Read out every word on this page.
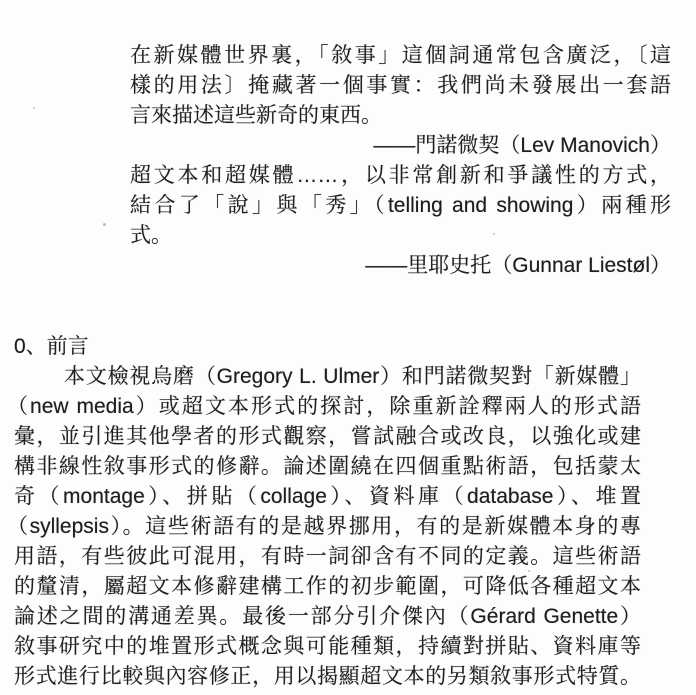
在新媒體世界裏，「敘事」這個詞通常包含廣泛，〔這
樣的用法〕掩藏著一個事實：我們尚未發展出一套語
言來描述這些新奇的東西。
——門諾微契（Lev Manovich）
超文本和超媒體……，以非常創新和爭議性的方式，
結合了「說」與「秀」（telling and showing）兩種形
式。
——里耶史托（Gunnar Liestøl）
0、前言
本文檢視烏磨（Gregory L. Ulmer）和門諾微契對「新媒體」
（new media）或超文本形式的探討，除重新詮釋兩人的形式語
彙，並引進其他學者的形式觀察，嘗試融合或改良，以強化或建
構非線性敘事形式的修辭。論述圍繞在四個重點術語，包括蒙太
奇（montage）、拼貼（collage）、資料庫（database）、堆置
（syllepsis）。這些術語有的是越界挪用，有的是新媒體本身的專
用語，有些彼此可混用，有時一詞卻含有不同的定義。這些術語
的釐清，屬超文本修辭建構工作的初步範圍，可降低各種超文本
論述之間的溝通差異。最後一部分引介傑內（Gérard Genette）
敘事研究中的堆置形式概念與可能種類，持續對拼貼、資料庫等
形式進行比較與內容修正，用以揭顯超文本的另類敘事形式特質。
